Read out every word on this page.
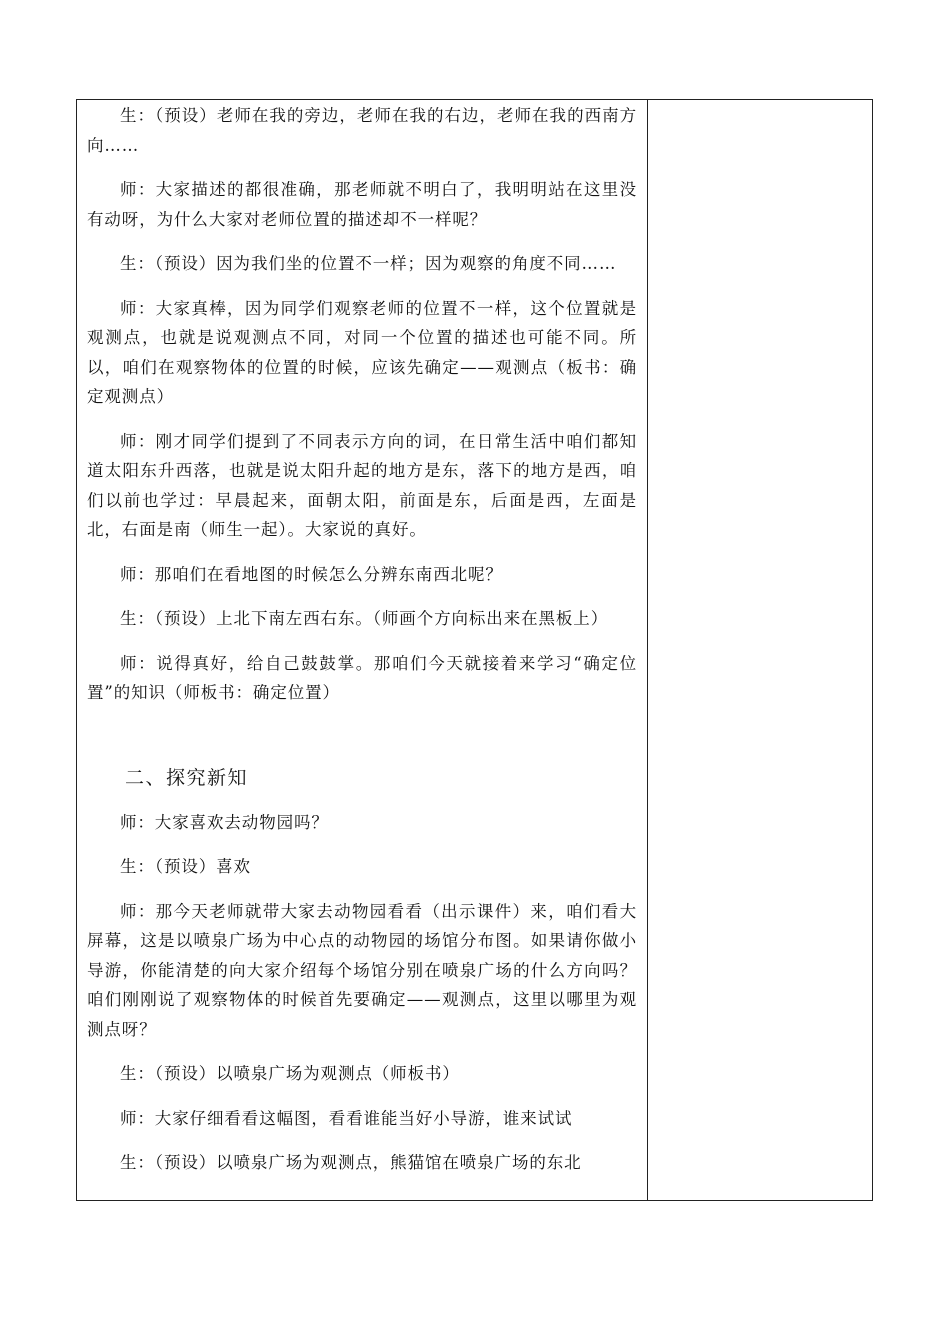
生：（预设）老师在我的旁边，老师在我的右边，老师在我的西南方向……

师：大家描述的都很准确，那老师就不明白了，我明明站在这里没有动呀，为什么大家对老师位置的描述却不一样呢？

生：（预设）因为我们坐的位置不一样；因为观察的角度不同……

师：大家真棒，因为同学们观察老师的位置不一样，这个位置就是观测点，也就是说观测点不同，对同一个位置的描述也可能不同。所以，咱们在观察物体的位置的时候，应该先确定——观测点（板书：确定观测点）

师：刚才同学们提到了不同表示方向的词，在日常生活中咱们都知道太阳东升西落，也就是说太阳升起的地方是东，落下的地方是西，咱们以前也学过：早晨起来，面朝太阳，前面是东，后面是西，左面是北，右面是南（师生一起）。大家说的真好。

师：那咱们在看地图的时候怎么分辨东南西北呢？

生：（预设）上北下南左西右东。（师画个方向标出来在黑板上）

师：说得真好，给自己鼓鼓掌。那咱们今天就接着来学习“确定位置”的知识（师板书：确定位置）

二、探究新知

师：大家喜欢去动物园吗？

生：（预设）喜欢

师：那今天老师就带大家去动物园看看（出示课件）来，咱们看大屏幕，这是以喷泉广场为中心点的动物园的场馆分布图。如果请你做小导游，你能清楚的向大家介绍每个场馆分别在喷泉广场的什么方向吗？咱们刚刚说了观察物体的时候首先要确定——观测点，这里以哪里为观测点呀？

生：（预设）以喷泉广场为观测点（师板书）

师：大家仔细看看这幅图，看看谁能当好小导游，谁来试试

生：（预设）以喷泉广场为观测点，熊猫馆在喷泉广场的东北
